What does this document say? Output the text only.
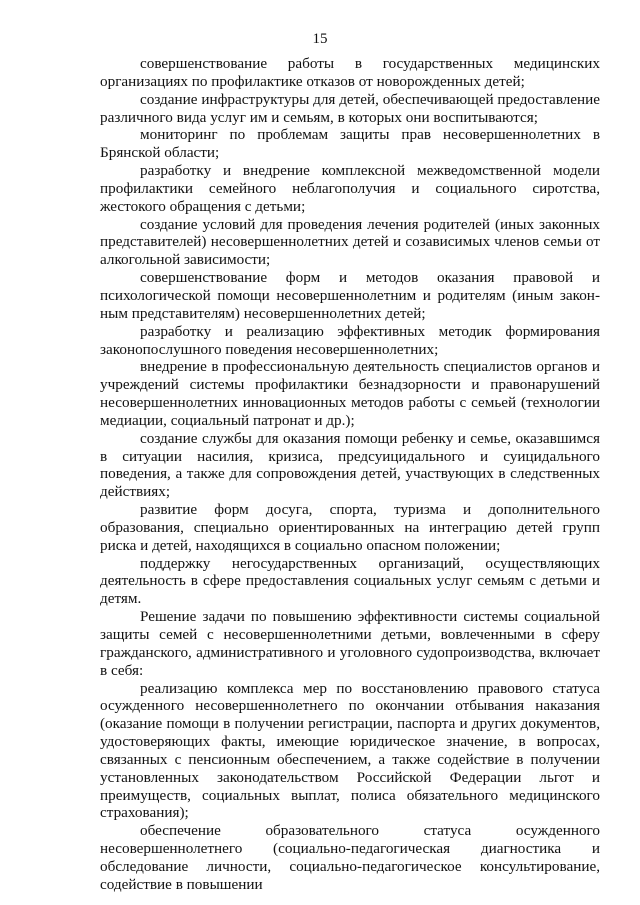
15

совершенствование работы в государственных медицинских организациях по профилактике отказов от новорожденных детей;

создание инфраструктуры для детей, обеспечивающей предоставление различного вида услуг им и семьям, в которых они воспитываются;

мониторинг по проблемам защиты прав несовершеннолетних в Брянской области;

разработку и внедрение комплексной межведомственной модели профилактики семейного неблагополучия и социального сиротства, жестокого обращения с детьми;

создание условий для проведения лечения родителей (иных законных представителей) несовершеннолетних детей и созависимых членов семьи от алкогольной зависимости;

совершенствование форм и методов оказания правовой и психологической помощи несовершеннолетним и родителям (иным законным представителям) несовершеннолетних детей;

разработку и реализацию эффективных методик формирования законопослушного поведения несовершеннолетних;

внедрение в профессиональную деятельность специалистов органов и учреждений системы профилактики безнадзорности и правонарушений несовершеннолетних инновационных методов работы с семьей (технологии медиации, социальный патронат и др.);

создание службы для оказания помощи ребенку и семье, оказавшимся в ситуации насилия, кризиса, предсуицидального и суицидального поведения, а также для сопровождения детей, участвующих в следственных действиях;

развитие форм досуга, спорта, туризма и дополнительного образования, специально ориентированных на интеграцию детей групп риска и детей, находящихся в социально опасном положении;

поддержку негосударственных организаций, осуществляющих деятельность в сфере предоставления социальных услуг семьям с детьми и детям.

Решение задачи по повышению эффективности системы социальной защиты семей с несовершеннолетними детьми, вовлеченными в сферу гражданского, административного и уголовного судопроизводства, включает в себя:

реализацию комплекса мер по восстановлению правового статуса осужденного несовершеннолетнего по окончании отбывания наказания (оказание помощи в получении регистрации, паспорта и других документов, удостоверяющих факты, имеющие юридическое значение, в вопросах, связанных с пенсионным обеспечением, а также содействие в получении установленных законодательством Российской Федерации льгот и преимуществ, социальных выплат, полиса обязательного медицинского страхования);

обеспечение образовательного статуса осужденного несовершеннолетнего (социально-педагогическая диагностика и обследование личности, социально-педагогическое консультирование, содействие в повышении
